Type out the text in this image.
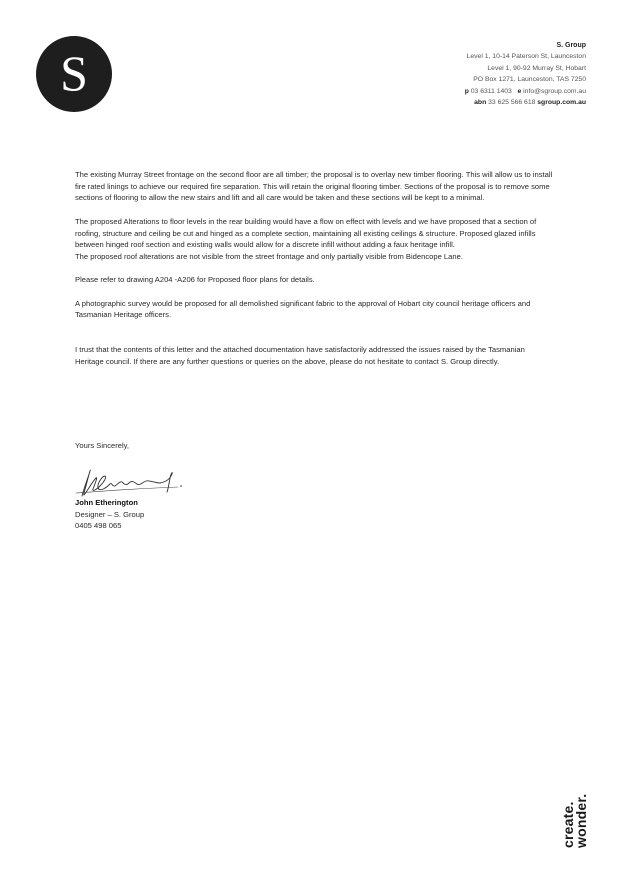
S	S. Group
Level 1, 10-14 Paterson St, Launceston
Level 1, 90-92 Murray St, Hobart
PO Box 1271, Launceston, TAS 7250
p 03 6311 1403 e info@sgroup.com.au
abn 33 625 566 618 sgroup.com.au

The existing Murray Street frontage on the second floor are all timber; the proposal is to overlay new timber flooring. This will allow us to install fire rated linings to achieve our required fire separation. This will retain the original flooring timber. Sections of the proposal is to remove some sections of flooring to allow the new stairs and lift and all care would be taken and these sections will be kept to a minimal.

The proposed Alterations to floor levels in the rear building would have a flow on effect with levels and we have proposed that a section of roofing, structure and ceiling be cut and hinged as a complete section, maintaining all existing ceilings & structure. Proposed glazed infills between hinged roof section and existing walls would allow for a discrete infill without adding a faux heritage infill.

The proposed roof alterations are not visible from the street frontage and only partially visible from Bidencope Lane.

Please refer to drawing A204 -A206 for Proposed floor plans for details.

A photographic survey would be proposed for all demolished significant fabric to the approval of Hobart city council heritage officers and Tasmanian Heritage officers.

I trust that the contents of this letter and the attached documentation have satisfactorily addressed the issues raised by the Tasmanian Heritage council. If there are any further questions or queries on the above, please do not hesitate to contact S. Group directly.

Yours Sincerely,
John Etherington
Designer – S. Group
0405 498 065
create.
wonder.
